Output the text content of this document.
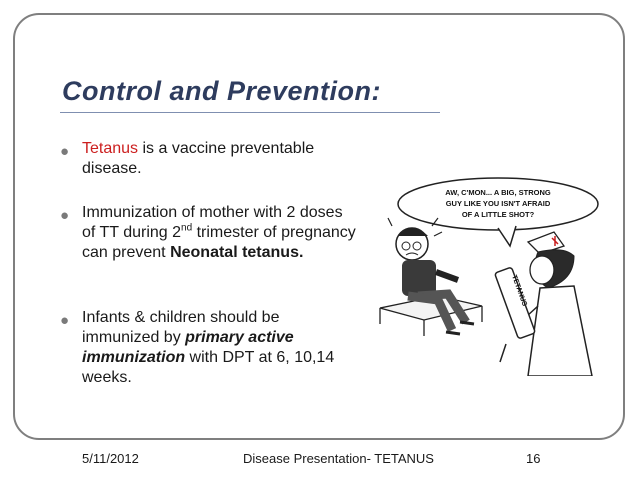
Control and Prevention:
● Tetanus is a vaccine preventable disease.
● Immunization of mother with 2 doses of TT during 2nd trimester of pregnancy can prevent Neonatal tetanus.
● Infants & children should be immunized by primary active immunization with DPT at 6, 10,14 weeks.
AW, C'MON... A BIG, STRONG
GUY LIKE YOU ISN'T AFRAID
OF A LITTLE SHOT?
TETANUS
5/11/2012	Disease Presentation- TETANUS	16
